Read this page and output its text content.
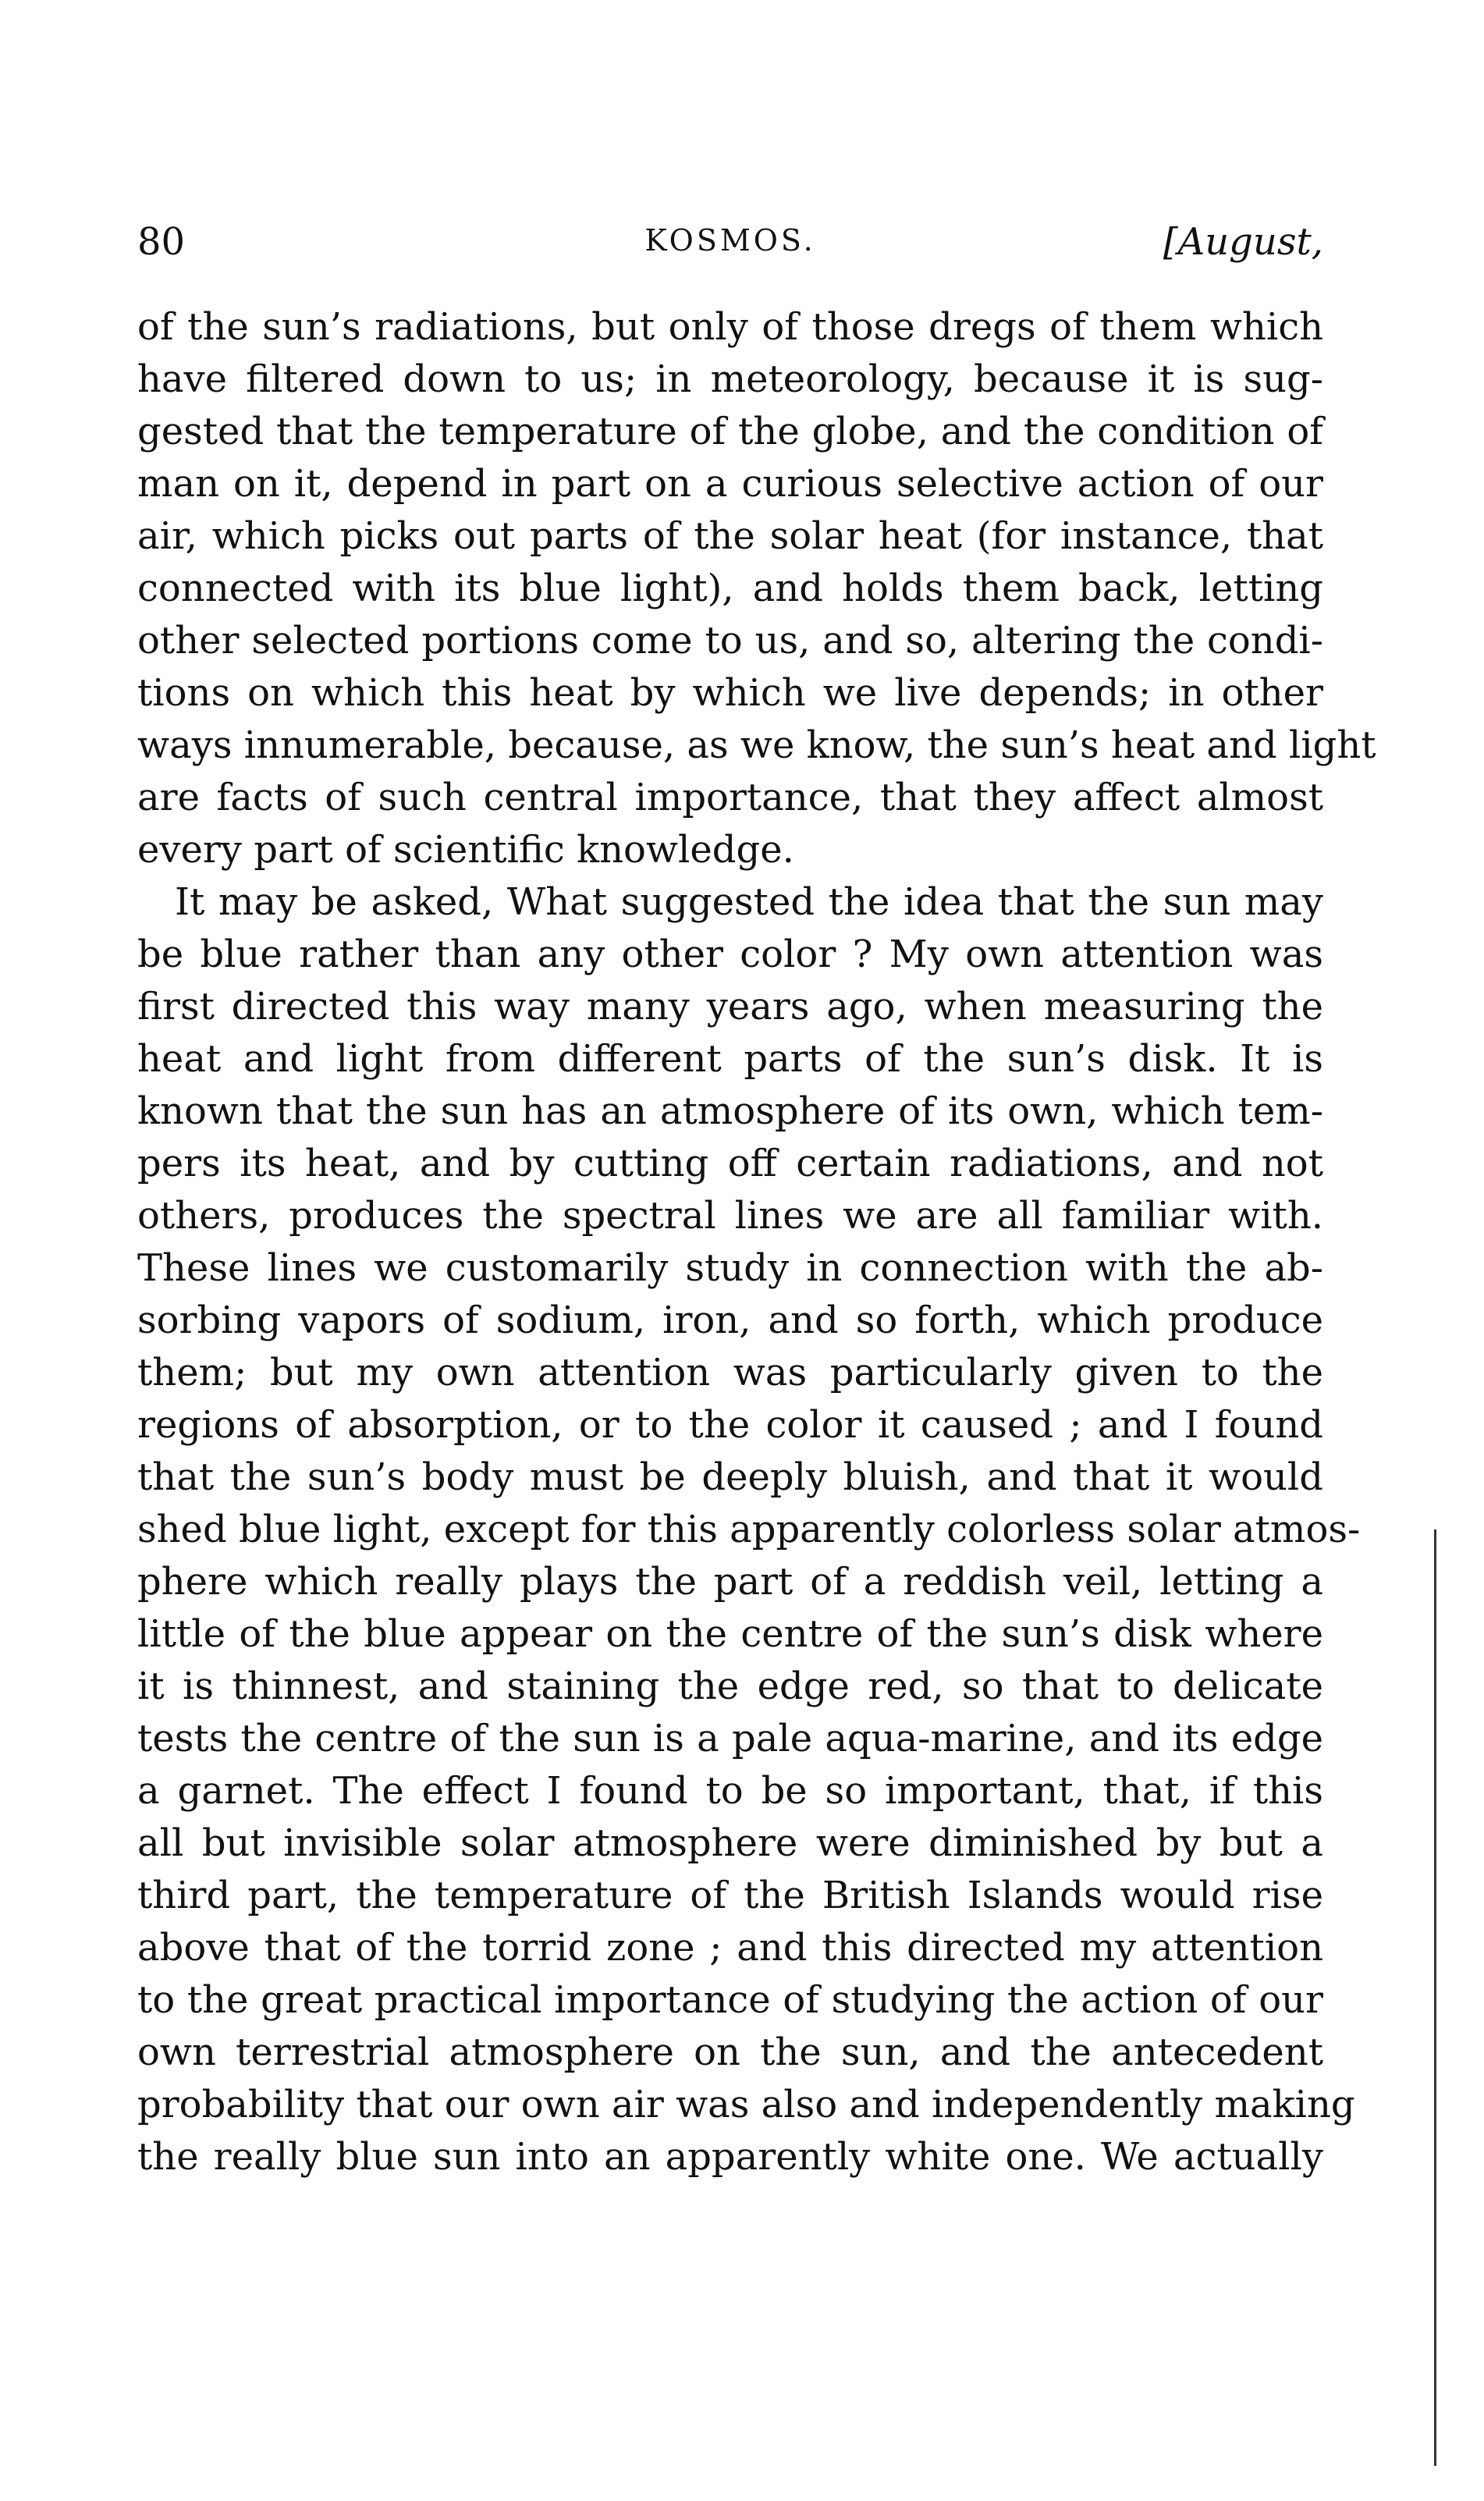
80	KOSMOS.	[August,
of the sun’s radiations, but only of those dregs of them which
have filtered down to us; in meteorology, because it is sug-
gested that the temperature of the globe, and the condition of
man on it, depend in part on a curious selective action of our
air, which picks out parts of the solar heat (for instance, that
connected with its blue light), and holds them back, letting
other selected portions come to us, and so, altering the condi-
tions on which this heat by which we live depends; in other
ways innumerable, because, as we know, the sun’s heat and light
are facts of such central importance, that they affect almost
every part of scientific knowledge.
It may be asked, What suggested the idea that the sun may
be blue rather than any other color ? My own attention was
first directed this way many years ago, when measuring the
heat and light from different parts of the sun’s disk. It is
known that the sun has an atmosphere of its own, which tem-
pers its heat, and by cutting off certain radiations, and not
others, produces the spectral lines we are all familiar with.
These lines we customarily study in connection with the ab-
sorbing vapors of sodium, iron, and so forth, which produce
them; but my own attention was particularly given to the
regions of absorption, or to the color it caused ; and I found
that the sun’s body must be deeply bluish, and that it would
shed blue light, except for this apparently colorless solar atmos-
phere which really plays the part of a reddish veil, letting a
little of the blue appear on the centre of the sun’s disk where
it is thinnest, and staining the edge red, so that to delicate
tests the centre of the sun is a pale aqua-marine, and its edge
a garnet. The effect I found to be so important, that, if this
all but invisible solar atmosphere were diminished by but a
third part, the temperature of the British Islands would rise
above that of the torrid zone ; and this directed my attention
to the great practical importance of studying the action of our
own terrestrial atmosphere on the sun, and the antecedent
probability that our own air was also and independently making
the really blue sun into an apparently white one. We actually
